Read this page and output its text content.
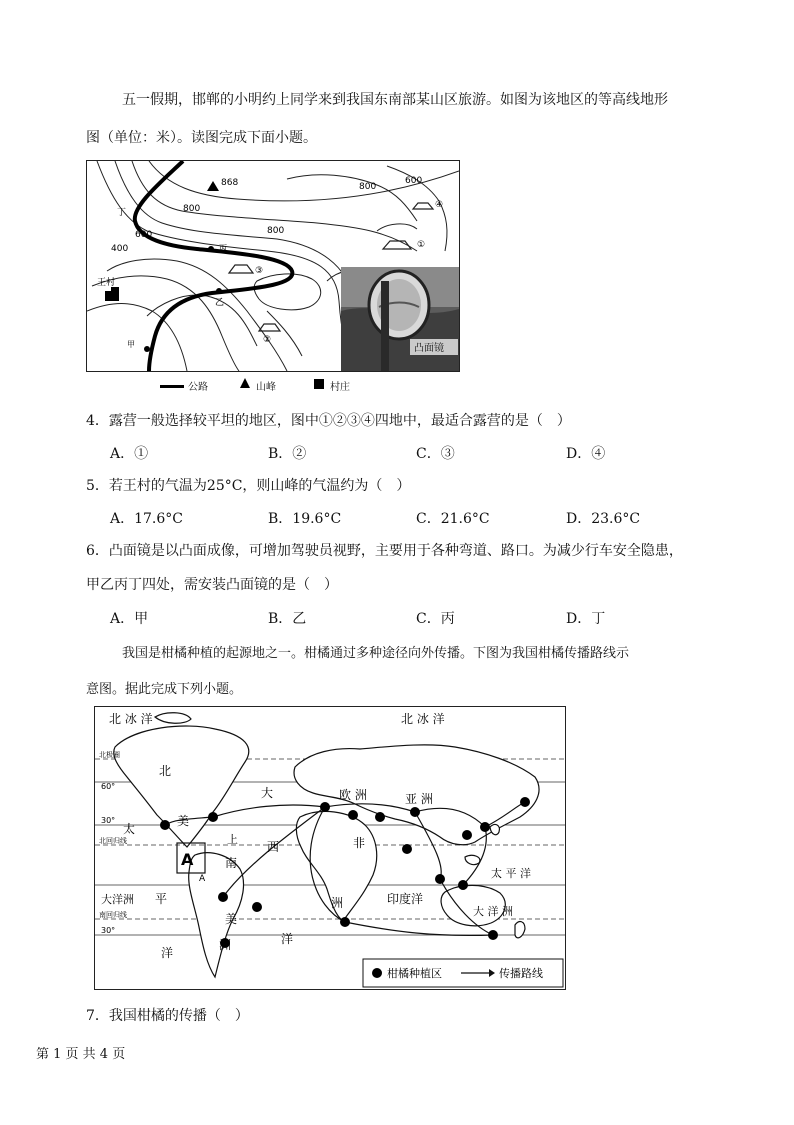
五一假期，邯郸的小明约上同学来到我国东南部某山区旅游。如图为该地区的等高线地形
图（单位：米）。读图完成下面小题。
868
800
800
800
600
600
400
丁
丙
乙
甲
王村
①
②
③
④
凸面镜
公路	山峰	村庄
4．露营一般选择较平坦的地区，图中①②③④四地中，最适合露营的是（　）
A．①	B．②	C．③	D．④
5．若王村的气温为25°C，则山峰的气温约为（　）
A．17.6°C	B．19.6°C	C．21.6°C	D．23.6°C
6．凸面镜是以凸面成像，可增加驾驶员视野，主要用于各种弯道、路口。为减少行车安全隐患，
甲乙丙丁四处，需安装凸面镜的是（　）
A．甲	B．乙	C．丙	D．丁
我国是柑橘种植的起源地之一。柑橘通过多种途径向外传播。下图为我国柑橘传播路线示
意图。据此完成下列小题。
北 冰 洋	北 冰 洋
北
大	欧 洲	亚 洲
太
美
非
西
南
太 平 洋
印度洋
大洋洲 平
上
洲
洋
洋
美
洲
大 洋 洲
A
A
60°
30°
30°
北极圈
北回归线
南回归线
柑橘种植区	传播路线
7．我国柑橘的传播（　）
第 1 页 共 4 页
